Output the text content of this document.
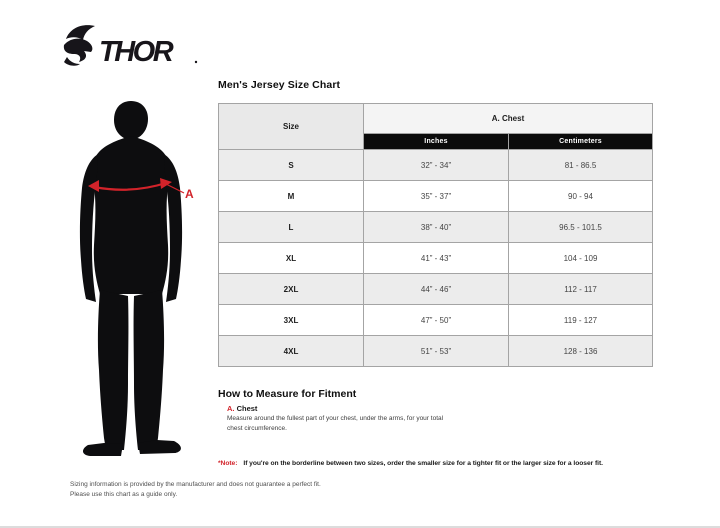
THOR
A
Men's Jersey Size Chart
Size	A. Chest	
	Inches	Centimeters
S	32” - 34”	81 - 86.5
M	35” - 37”	90 - 94
L	38” - 40”	96.5 - 101.5
XL	41” - 43”	104 - 109
2XL	44” - 46”	112 - 117
3XL	47” - 50”	119 - 127
4XL	51” - 53”	128 - 136
How to Measure for Fitment
A. Chest
Measure around the fullest part of your chest, under the arms, for your total chest circumference.
*Note: If you're on the borderline between two sizes, order the smaller size for a tighter fit or the larger size for a looser fit.
Sizing information is provided by the manufacturer and does not guarantee a perfect fit.
Please use this chart as a guide only.
